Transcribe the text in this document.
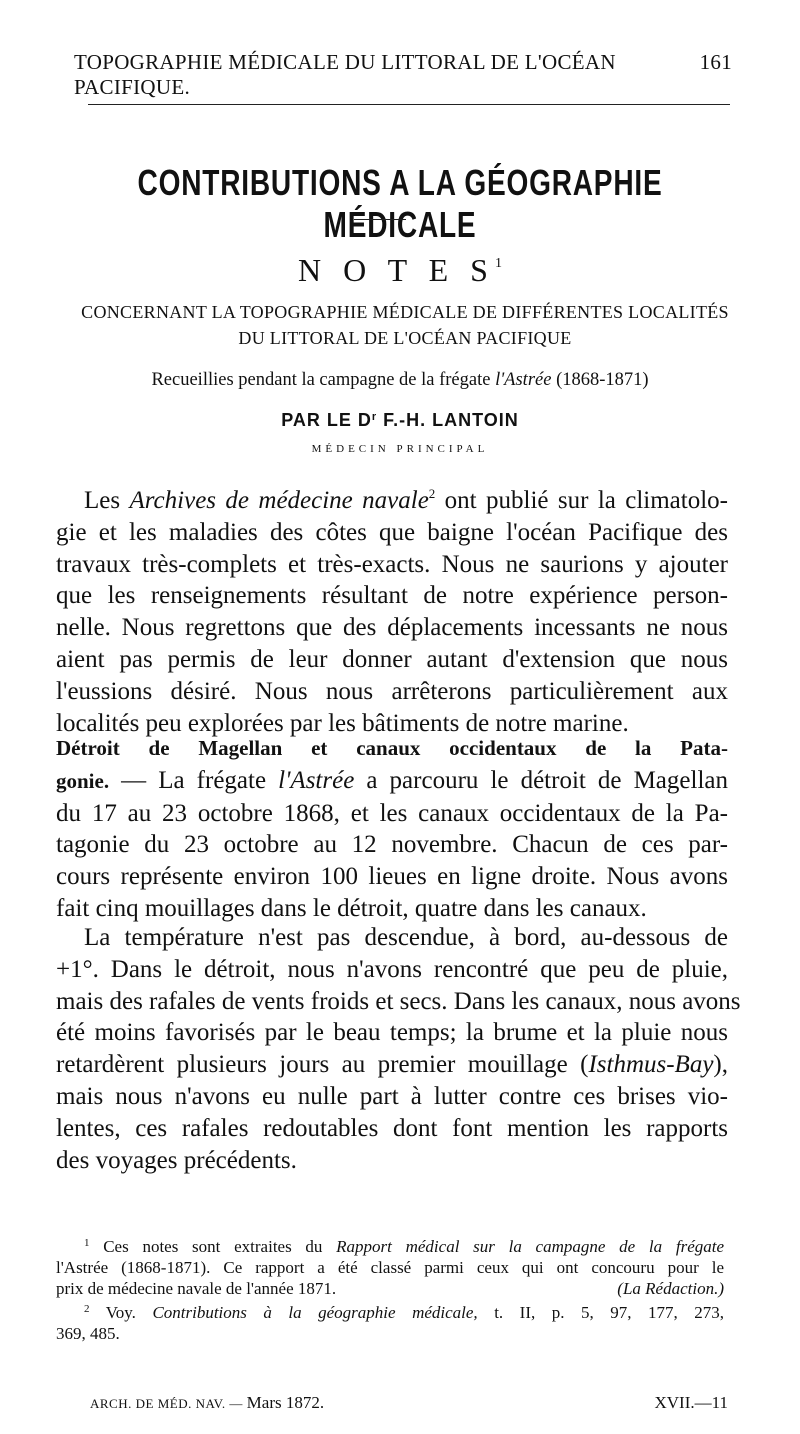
TOPOGRAPHIE MÉDICALE DU LITTORAL DE L'OCÉAN PACIFIQUE.
161
CONTRIBUTIONS A LA GÉOGRAPHIE MÉDICALE
N O T E $S^1$
CONCERNANT LA TOPOGRAPHIE MÉDICALE DE DIFFÉRENTES LOCALITÉS
DU LITTORAL DE L'OCÉAN PACIFIQUE
Recueillies pendant la campagne de la frégate l'Astrée (1868-1871)
PAR LE $D^r$ F.-H. LANTOIN
MÉDECIN PRINCIPAL
Les Archives de médecine navale$^2$ ont publié sur la climatolo-
gie et les maladies des côtes que baigne l'océan Pacifique des
travaux très-complets et très-exacts. Nous ne saurions y ajouter
que les renseignements résultant de notre expérience person-
nelle. Nous regrettons que des déplacements incessants ne nous
aient pas permis de leur donner autant d'extension que nous
l'eussions désiré. Nous nous arrêterons particulièrement aux
localités peu explorées par les bâtiments de notre marine.
Détroit de Magellan et canaux occidentaux de la Pata-
gonie. — La frégate l'Astrée a parcouru le détroit de Magellan
du 17 au 23 octobre 1868, et les canaux occidentaux de la Pa-
tagonie du 23 octobre au 12 novembre. Chacun de ces par-
cours représente environ 100 lieues en ligne droite. Nous avons
fait cinq mouillages dans le détroit, quatre dans les canaux.
La température n'est pas descendue, à bord, au-dessous de
+1°. Dans le détroit, nous n'avons rencontré que peu de pluie,
mais des rafales de vents froids et secs. Dans les canaux, nous avons
été moins favorisés par le beau temps; la brume et la pluie nous
retardèrent plusieurs jours au premier mouillage (Isthmus-Bay),
mais nous n'avons eu nulle part à lutter contre ces brises vio-
lentes, ces rafales redoutables dont font mention les rapports
des voyages précédents.
$^1$ Ces notes sont extraites du Rapport médical sur la campagne de la frégate
l'Astrée (1868-1871). Ce rapport a été classé parmi ceux qui ont concouru pour le
prix de médecine navale de l'année 1871.	(La Rédaction.)
$^2$ Voy. Contributions à la géographie médicale, t. II, p. 5, 97, 177, 273,
369, 485.
ARCH. DE MÉD. NAV. — Mars 1872.	XVII.—11
